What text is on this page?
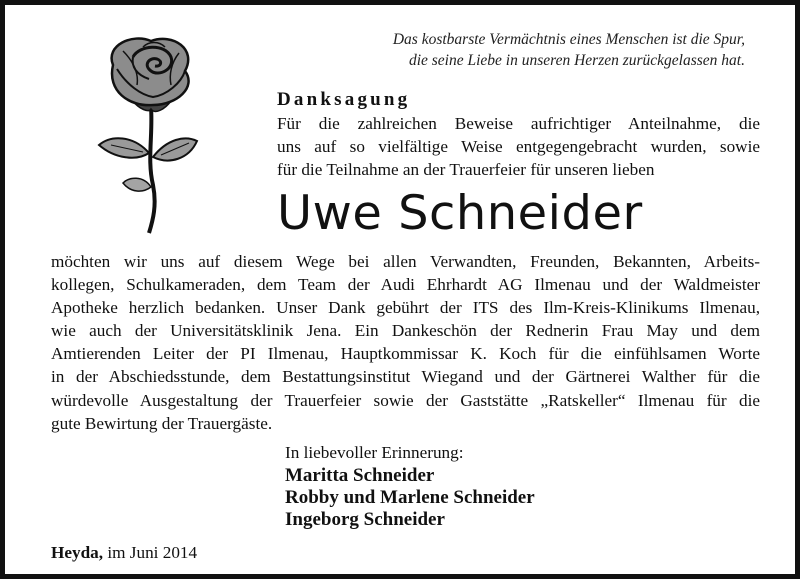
Das kostbarste Vermächtnis eines Menschen ist die Spur,
die seine Liebe in unseren Herzen zurückgelassen hat.
Danksagung
Für die zahlreichen Beweise aufrichtiger Anteilnahme, die
uns auf so vielfältige Weise entgegengebracht wurden, sowie
für die Teilnahme an der Trauerfeier für unseren lieben
Uwe Schneider
möchten wir uns auf diesem Wege bei allen Verwandten, Freunden, Bekannten, Arbeits-
kollegen, Schulkameraden, dem Team der Audi Ehrhardt AG Ilmenau und der Waldmeister
Apotheke herzlich bedanken. Unser Dank gebührt der ITS des Ilm-Kreis-Klinikums Ilmenau,
wie auch der Universitätsklinik Jena. Ein Dankeschön der Rednerin Frau May und dem
Amtierenden Leiter der PI Ilmenau, Hauptkommissar K. Koch für die einfühlsamen Worte
in der Abschiedsstunde, dem Bestattungsinstitut Wiegand und der Gärtnerei Walther für die
würdevolle Ausgestaltung der Trauerfeier sowie der Gaststätte „Ratskeller“ Ilmenau für die
gute Bewirtung der Trauergäste.
In liebevoller Erinnerung:
Maritta Schneider
Robby und Marlene Schneider
Ingeborg Schneider
Heyda, im Juni 2014
